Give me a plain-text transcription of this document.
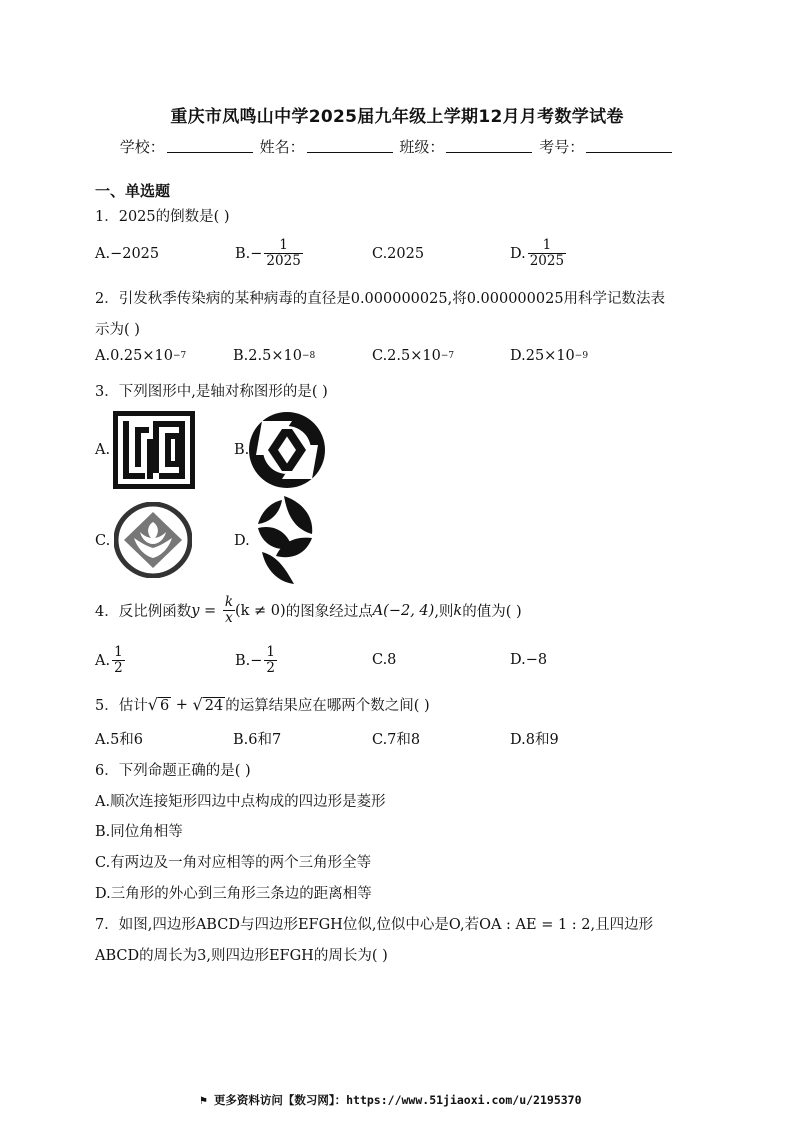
重庆市凤鸣山中学2025届九年级上学期12月月考数学试卷
学校：	姓名：	班级：	考号：
一、单选题
1．2025的倒数是( )
A.−2025	$B.- \frac{1}{2025}$	C.2025	D. $\frac{1}{2025}$
2．引发秋季传染病的某种病毒的直径是0.000000025,将0.000000025用科学记数法表
示为( )
A.0.25×10 −7	B.2.5×10 −8	C.2.5×10 −7	D.25×10 −9
3．下列图形中,是轴对称图形的是( )
A.	B.
C.	D.
4．反比例函数 $y = \frac{k}{x} (k \ne 0)$ 的图象经过点 A(−2, 4) ,则 k 的值为( )
A. $\frac{1}{2}$	$B.- \frac{1}{2}$	C.8	D.−8
5．估计 √ 6 + √ 24 的运算结果应在哪两个数之间( )
A.5和6	B.6和7	C.7和8	D.8和9
6．下列命题正确的是( )
A.顺次连接矩形四边中点构成的四边形是菱形
B.同位角相等
C.有两边及一角对应相等的两个三角形全等
D.三角形的外心到三角形三条边的距离相等
7．如图,四边形ABCD与四边形EFGH位似,位似中心是O,若OA : AE = 1 : 2,且四边形
ABCD的周长为3,则四边形EFGH的周长为( )
⚑ 更多资料访问【数习网】：https://www.51jiaoxi.com/u/2195370
